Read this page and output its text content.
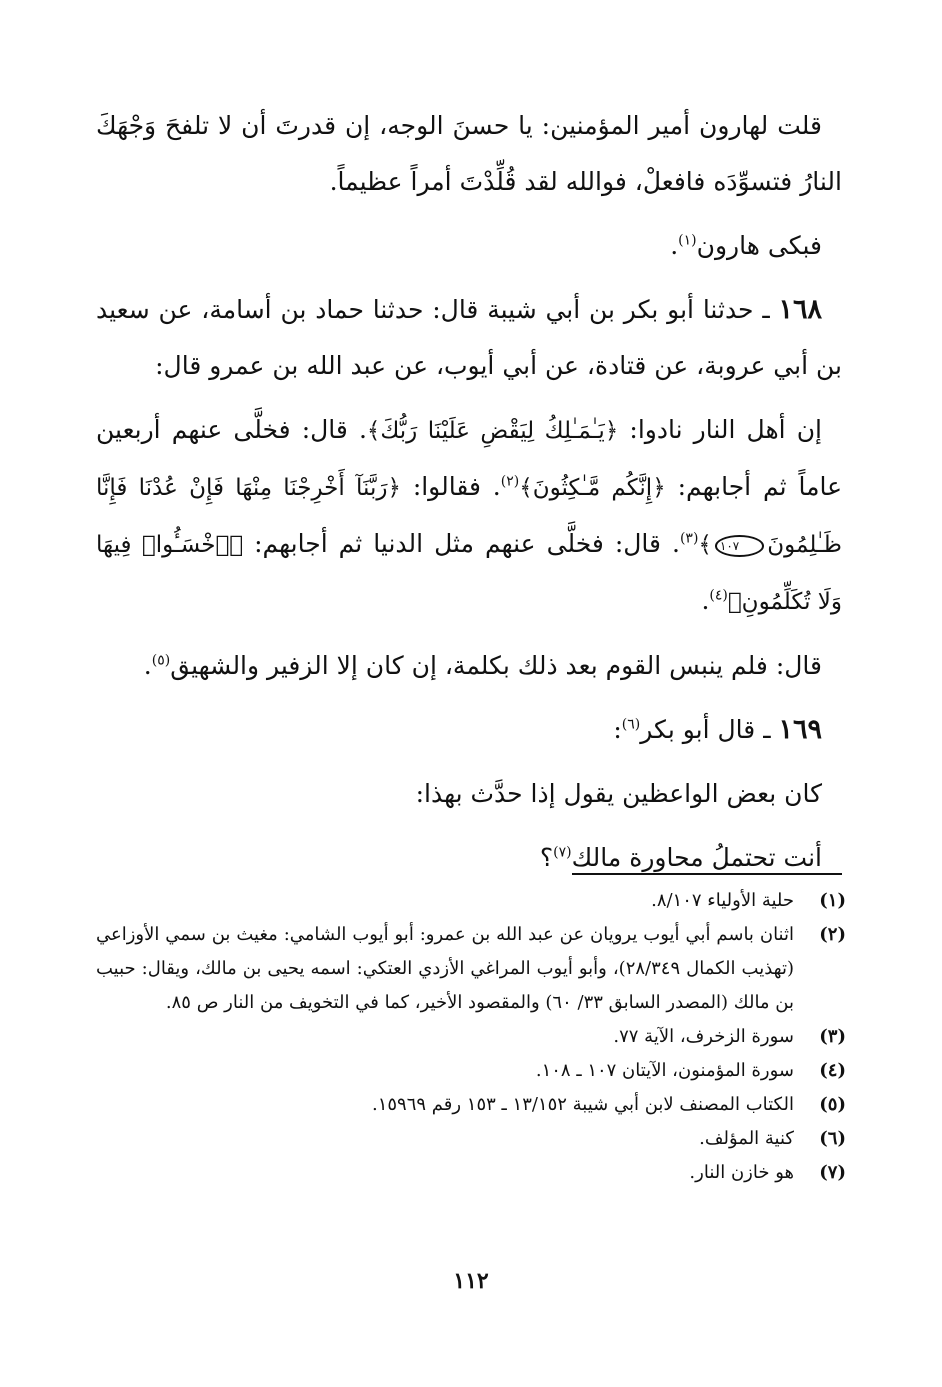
قلت لهارون أمير المؤمنين: يا حسنَ الوجه، إن قدرتَ أن لا تلفحَ وَجْهَكَ النارُ فتسوِّدَه فافعلْ، فوالله لقد قُلِّدْتَ أمراً عظيماً.

فبكى هارون$^{(١)}$.

١٦٨ ـ حدثنا أبو بكر بن أبي شيبة قال: حدثنا حماد بن أسامة، عن سعيد بن أبي عروبة، عن قتادة، عن أبي أيوب، عن عبد الله بن عمرو قال:

إن أهل النار نادوا: ﴿يَـٰمَـٰلِكُ لِيَقْضِ عَلَيْنَا رَبُّكَ﴾. قال: فخلَّى عنهم أربعين عاماً ثم أجابهم: ﴿إِنَّكُم مَّـٰكِثُونَ﴾$^{(٢)}$. فقالوا: ﴿رَبَّنَآ أَخْرِجْنَا مِنْهَا فَإِنْ عُدْنَا فَإِنَّا ظَـٰلِمُونَ١٠٧﴾$^{(٣)}$. قال: فخلَّى عنهم مثل الدنيا ثم أجابهم: ﴿ٱخْسَـُٔوا۟ فِيهَا وَلَا تُكَلِّمُونِ﴾$^{(٤)}$.

قال: فلم ينبس القوم بعد ذلك بكلمة، إن كان إلا الزفير والشهيق$^{(٥)}$.

١٦٩ ـ قال أبو بكر$^{(٦)}$:

كان بعض الواعظين يقول إذا حدَّث بهذا:

أنت تحتملُ محاورة مالك$^{(٧)}$؟

(١)
حلية الأولياء ٨/١٠٧.
(٢)
اثنان باسم أبي أيوب يرويان عن عبد الله بن عمرو: أبو أيوب الشامي: مغيث بن سمي الأوزاعي (تهذيب الكمال ٢٨/٣٤٩)، وأبو أيوب المراغي الأزدي العتكي: اسمه يحيى بن مالك، ويقال: حبيب بن مالك (المصدر السابق ٣٣/ ٦٠) والمقصود الأخير، كما في التخويف من النار ص ٨٥.
(٣)
سورة الزخرف، الآية ٧٧.
(٤)
سورة المؤمنون، الآيتان ١٠٧ ـ ١٠٨.
(٥)
الكتاب المصنف لابن أبي شيبة ١٣/١٥٢ ـ ١٥٣ رقم ١٥٩٦٩.
(٦)
كنية المؤلف.
(٧)
هو خازن النار.
١١٢
